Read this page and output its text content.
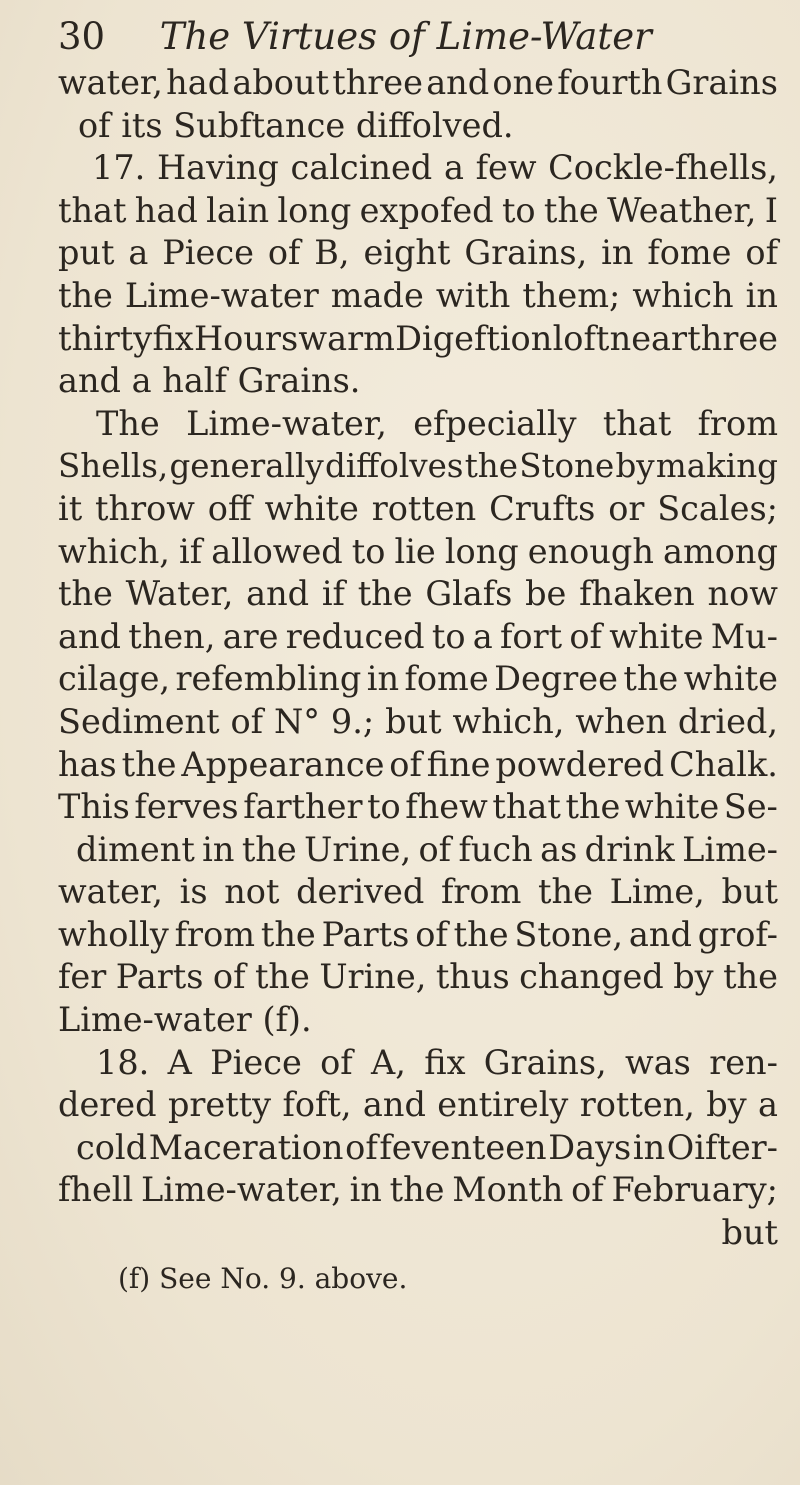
30 The Virtues of Lime-Water
water, had about three and one fourth Grains
of its Subftance diffolved.
17. Having calcined a few Cockle-fhells,
that had lain long expofed to the Weather, I
put a Piece of B, eight Grains, in fome of
the Lime-water made with them; which in
thirty fix Hours warm Digeftion loft near three
and a half Grains.
The Lime-water, efpecially that from
Shells, generally diffolves the Stone by making
it throw off white rotten Crufts or Scales;
which, if allowed to lie long enough among
the Water, and if the Glafs be fhaken now
and then, are reduced to a fort of white Mu-
cilage, refembling in fome Degree the white
Sediment of N° 9.; but which, when dried,
has the Appearance of fine powdered Chalk.
This ferves farther to fhew that the white Se-
diment in the Urine, of fuch as drink Lime-
water, is not derived from the Lime, but
wholly from the Parts of the Stone, and grof-
fer Parts of the Urine, thus changed by the
Lime-water (f).
18. A Piece of A, fix Grains, was ren-
dered pretty foft, and entirely rotten, by a
cold Maceration of feventeen Days in Oifter-
fhell Lime-water, in the Month of February;
but
(f) See No. 9. above.
